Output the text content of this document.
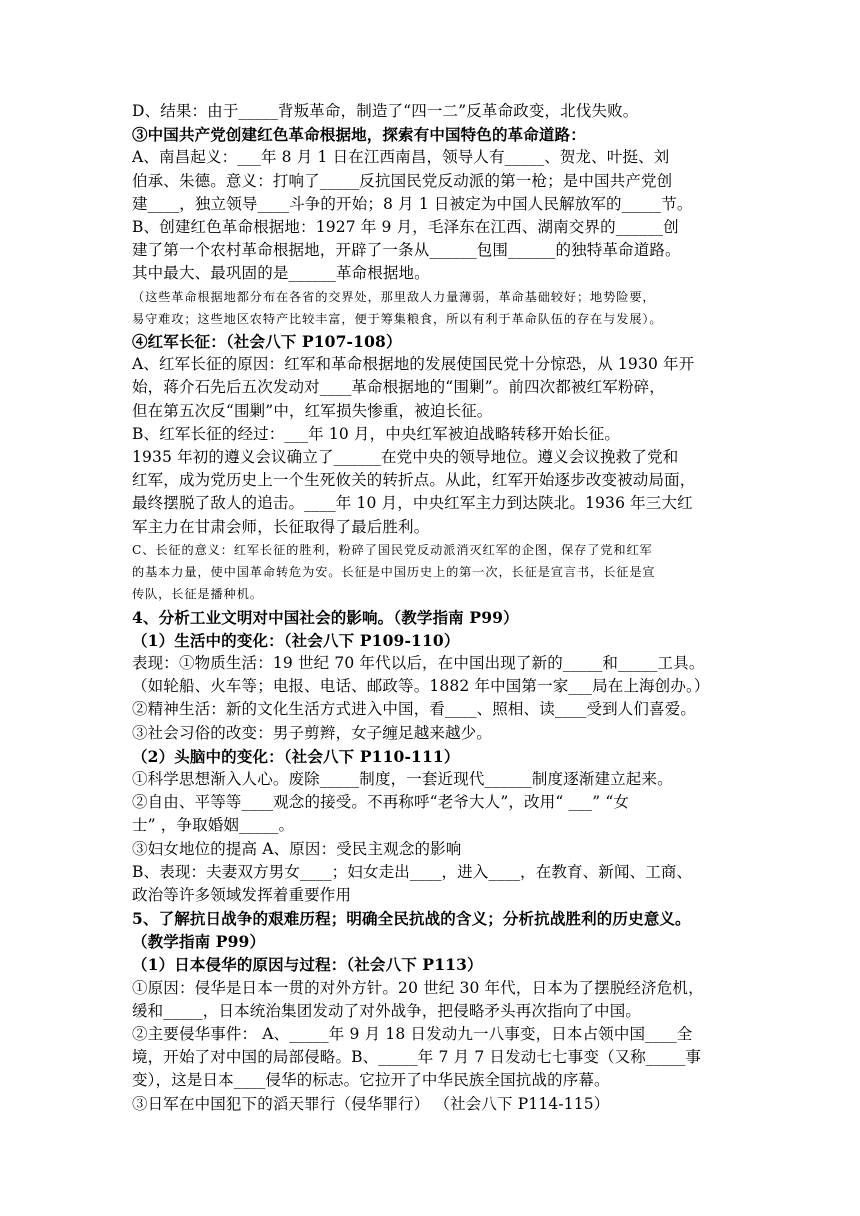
D、结果：由于_____背叛革命，制造了“四一二”反革命政变，北伐失败。
③中国共产党创建红色革命根据地，探索有中国特色的革命道路：
A、南昌起义：___年 8 月 1 日在江西南昌，领导人有_____、贺龙、叶挺、刘
伯承、朱德。意义：打响了_____反抗国民党反动派的第一枪；是中国共产党创
建____，独立领导____斗争的开始；8 月 1 日被定为中国人民解放军的_____节。
B、创建红色革命根据地：1927 年 9 月，毛泽东在江西、湖南交界的______创
建了第一个农村革命根据地，开辟了一条从______包围______的独特革命道路。
其中最大、最巩固的是______革命根据地。
（这些革命根据地都分布在各省的交界处，那里敌人力量薄弱，革命基础较好；地势险要，
易守难攻；这些地区农特产比较丰富，便于筹集粮食，所以有利于革命队伍的存在与发展）。
④红军长征：（社会八下 P107-108）
A、红军长征的原因：红军和革命根据地的发展使国民党十分惊恐，从 1930 年开
始，蒋介石先后五次发动对____革命根据地的“围剿”。前四次都被红军粉碎，
但在第五次反“围剿”中，红军损失惨重，被迫长征。
B、红军长征的经过：___年 10 月，中央红军被迫战略转移开始长征。
1935 年初的遵义会议确立了______在党中央的领导地位。遵义会议挽救了党和
红军，成为党历史上一个生死攸关的转折点。从此，红军开始逐步改变被动局面，
最终摆脱了敌人的追击。____年 10 月，中央红军主力到达陕北。1936 年三大红
军主力在甘肃会师，长征取得了最后胜利。
C、长征的意义：红军长征的胜利，粉碎了国民党反动派消灭红军的企图，保存了党和红军
的基本力量，使中国革命转危为安。长征是中国历史上的第一次，长征是宣言书，长征是宣
传队，长征是播种机。
4、分析工业文明对中国社会的影响。（教学指南 P99）
（1）生活中的变化：（社会八下 P109-110）
表现：①物质生活：19 世纪 70 年代以后，在中国出现了新的_____和_____工具。
（如轮船、火车等；电报、电话、邮政等。1882 年中国第一家___局在上海创办。）
②精神生活：新的文化生活方式进入中国，看____、照相、读____受到人们喜爱。
③社会习俗的改变：男子剪辫，女子缠足越来越少。
（2）头脑中的变化：（社会八下 P110-111）
①科学思想渐入人心。废除_____制度，一套近现代______制度逐渐建立起来。
②自由、平等等____观念的接受。不再称呼“老爷大人”，改用“ ___” “女
士” ，争取婚姻_____。
③妇女地位的提高 A、原因：受民主观念的影响
B、表现：夫妻双方男女____；妇女走出____，进入____，在教育、新闻、工商、
政治等许多领域发挥着重要作用
5、了解抗日战争的艰难历程；明确全民抗战的含义；分析抗战胜利的历史意义。
（教学指南 P99）
（1）日本侵华的原因与过程：（社会八下 P113）
①原因：侵华是日本一贯的对外方针。20 世纪 30 年代，日本为了摆脱经济危机，
缓和_____，日本统治集团发动了对外战争，把侵略矛头再次指向了中国。
②主要侵华事件： A、_____年 9 月 18 日发动九一八事变，日本占领中国____全
境，开始了对中国的局部侵略。B、_____年 7 月 7 日发动七七事变（又称_____事
变），这是日本____侵华的标志。它拉开了中华民族全国抗战的序幕。
③日军在中国犯下的滔天罪行（侵华罪行） （社会八下 P114-115）
